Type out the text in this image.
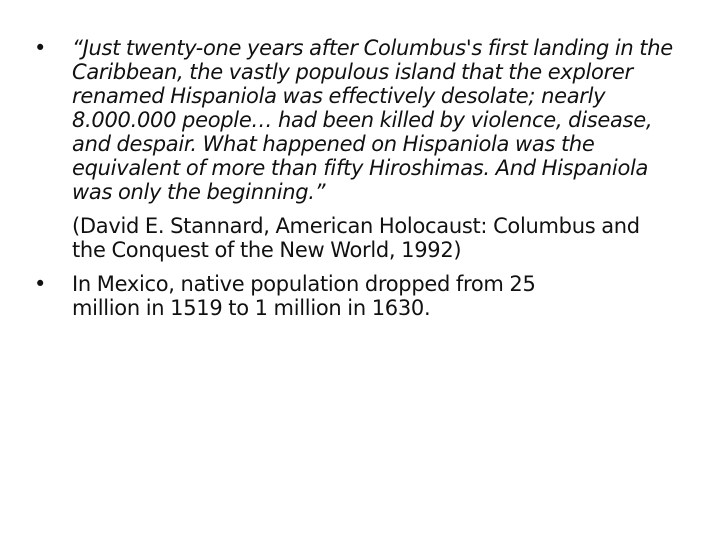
• “Just twenty-one years after Columbus's first landing in the Caribbean, the vastly populous island that the explorer renamed Hispaniola was effectively desolate; nearly 8.000.000 people… had been killed by violence, disease, and despair. What happened on Hispaniola was the equivalent of more than fifty Hiroshimas. And Hispaniola was only the beginning.”
(David E. Stannard, American Holocaust: Columbus and the Conquest of the New World, 1992)
• In Mexico, native population dropped from 25 million in 1519 to 1 million in 1630.
